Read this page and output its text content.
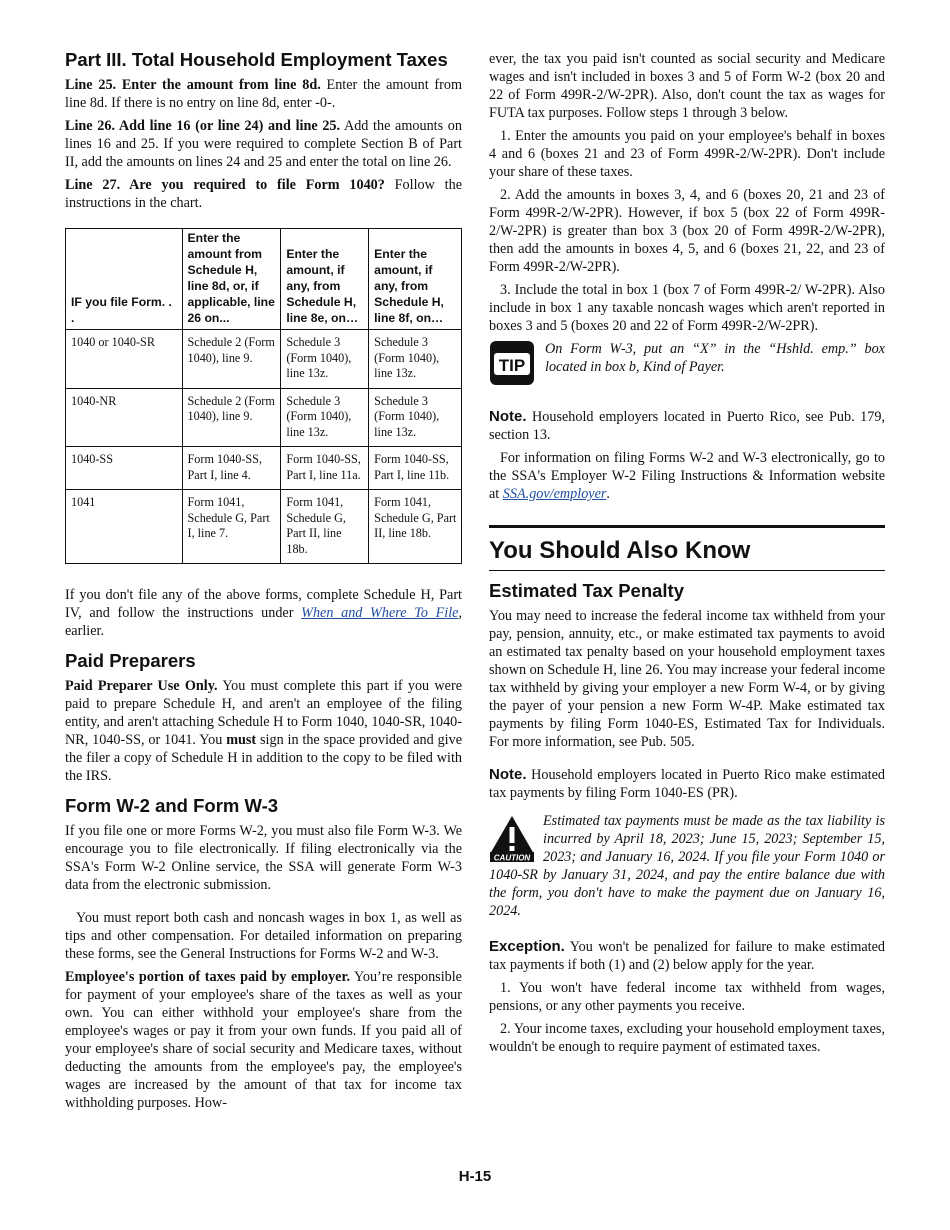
Part III. Total Household Employment Taxes

Line 25. Enter the amount from line 8d. Enter the amount from line 8d. If there is no entry on line 8d, enter -0-.

Line 26. Add line 16 (or line 24) and line 25. Add the amounts on lines 16 and 25. If you were required to complete Section B of Part II, add the amounts on lines 24 and 25 and enter the total on line 26.

Line 27. Are you required to file Form 1040? Follow the instructions in the chart.

IF you file Form. . .	Enter the amount from Schedule H, line 8d, or, if applicable, line 26 on...	Enter the amount, if any, from Schedule H, line 8e, on…	Enter the amount, if any, from Schedule H, line 8f, on…
1040 or 1040-SR	Schedule 2 (Form 1040), line 9.	Schedule 3 (Form 1040), line 13z.	Schedule 3 (Form 1040), line 13z.
1040-NR	Schedule 2 (Form 1040), line 9.	Schedule 3 (Form 1040), line 13z.	Schedule 3 (Form 1040), line 13z.
1040-SS	Form 1040-SS, Part I, line 4.	Form 1040-SS, Part I, line 11a.	Form 1040-SS, Part I, line 11b.
1041	Form 1041, Schedule G, Part I, line 7.	Form 1041, Schedule G, Part II, line 18b.	Form 1041, Schedule G, Part II, line 18b.

If you don't file any of the above forms, complete Schedule H, Part IV, and follow the instructions under When and Where To File, earlier.

Paid Preparers

Paid Preparer Use Only. You must complete this part if you were paid to prepare Schedule H, and aren't an employee of the filing entity, and aren't attaching Schedule H to Form 1040, 1040-SR, 1040-NR, 1040-SS, or 1041. You must sign in the space provided and give the filer a copy of Schedule H in addition to the copy to be filed with the IRS.

Form W-2 and Form W-3

If you file one or more Forms W-2, you must also file Form W-3. We encourage you to file electronically. If filing electronically via the SSA's Form W-2 Online service, the SSA will generate Form W-3 data from the electronic submission.

You must report both cash and noncash wages in box 1, as well as tips and other compensation. For detailed information on preparing these forms, see the General Instructions for Forms W-2 and W-3.

Employee's portion of taxes paid by employer. You’re responsible for payment of your employee's share of the taxes as well as your own. You can either withhold your employee's share from the employee's wages or pay it from your own funds. If you paid all of your employee's share of social security and Medicare taxes, without deducting the amounts from the employee's pay, the employee's wages are increased by the amount of that tax for income tax withholding purposes. How-

ever, the tax you paid isn't counted as social security and Medicare wages and isn't included in boxes 3 and 5 of Form W-2 (box 20 and 22 of Form 499R-2/W-2PR). Also, don't count the tax as wages for FUTA tax purposes. Follow steps 1 through 3 below.

1. Enter the amounts you paid on your employee's behalf in boxes 4 and 6 (boxes 21 and 23 of Form 499R-2/W-2PR). Don't include your share of these taxes.

2. Add the amounts in boxes 3, 4, and 6 (boxes 20, 21 and 23 of Form 499R-2/W-2PR). However, if box 5 (box 22 of Form 499R-2/W-2PR) is greater than box 3 (box 20 of Form 499R-2/W-2PR), then add the amounts in boxes 4, 5, and 6 (boxes 21, 22, and 23 of Form 499R-2/W-2PR).

3. Include the total in box 1 (box 7 of Form 499R-2/ W-2PR). Also include in box 1 any taxable noncash wages which aren't reported in boxes 3 and 5 (boxes 20 and 22 of Form 499R-2/W-2PR).

TIP
On Form W-3, put an “X” in the “Hshld. emp.” box located in box b, Kind of Payer.

Note. Household employers located in Puerto Rico, see Pub. 179, section 13.

For information on filing Forms W-2 and W-3 electronically, go to the SSA's Employer W-2 Filing Instructions & Information website at SSA.gov/employer.

You Should Also Know
Estimated Tax Penalty

You may need to increase the federal income tax withheld from your pay, pension, annuity, etc., or make estimated tax payments to avoid an estimated tax penalty based on your household employment taxes shown on Schedule H, line 26. You may increase your federal income tax withheld by giving your employer a new Form W-4, or by giving the payer of your pension a new Form W-4P. Make estimated tax payments by filing Form 1040-ES, Estimated Tax for Individuals. For more information, see Pub. 505.

Note. Household employers located in Puerto Rico make estimated tax payments by filing Form 1040-ES (PR).

CAUTION
Estimated tax payments must be made as the tax liability is incurred by April 18, 2023; June 15, 2023; September 15, 2023; and January 16, 2024. If you file your Form 1040 or 1040-SR by January 31, 2024, and pay the entire balance due with the form, you don't have to make the payment due on January 16, 2024.

Exception. You won't be penalized for failure to make estimated tax payments if both (1) and (2) below apply for the year.

1. You won't have federal income tax withheld from wages, pensions, or any other payments you receive.

2. Your income taxes, excluding your household employment taxes, wouldn't be enough to require payment of estimated taxes.

H-15
